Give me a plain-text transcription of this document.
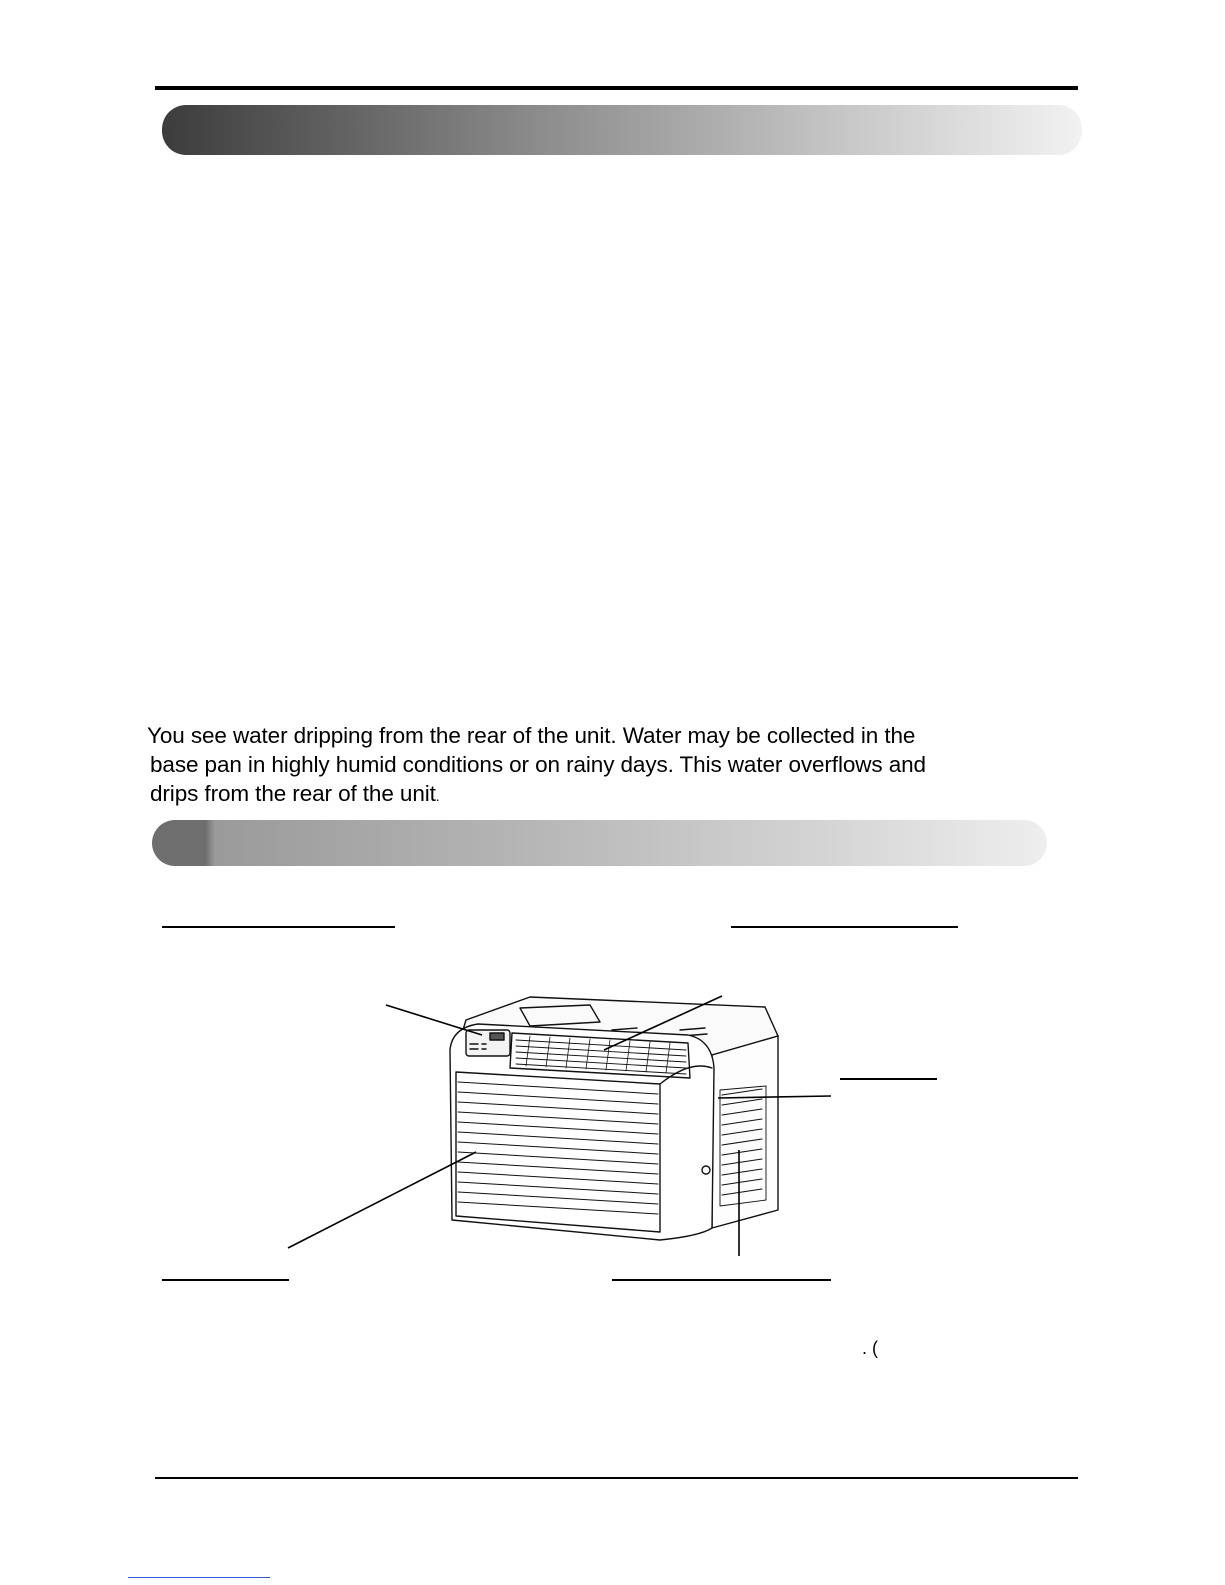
You see water dripping from the rear of the unit. Water may be collected in the
base pan in highly humid conditions or on rainy days. This water overflows and
drips from the rear of the unit.
. (
